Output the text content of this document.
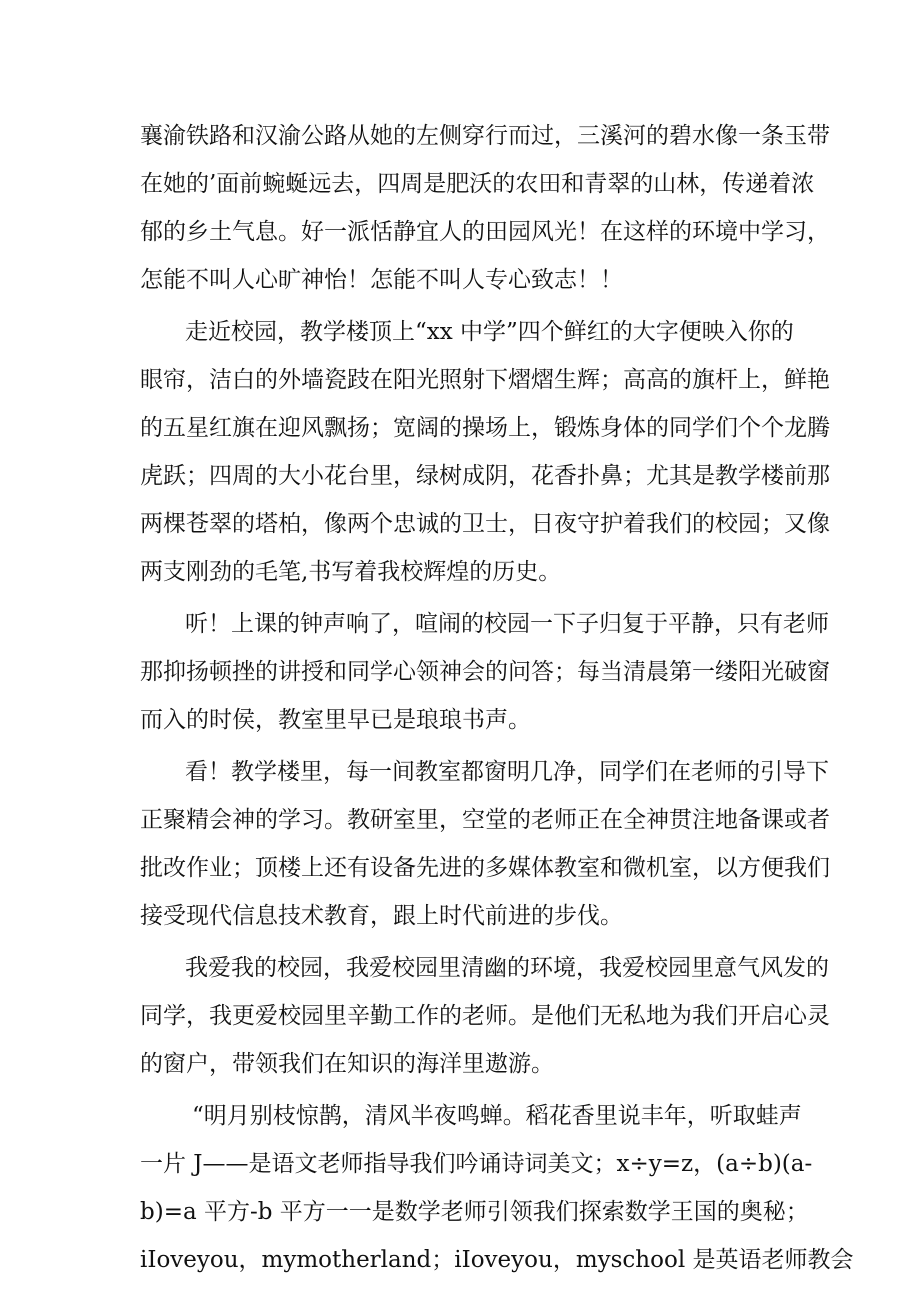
襄渝铁路和汉渝公路从她的左侧穿行而过，三溪河的碧水像一条玉带
在她的’面前蜿蜒远去，四周是肥沃的农田和青翠的山林，传递着浓
郁的乡土气息。好一派恬静宜人的田园风光！在这样的环境中学习，
怎能不叫人心旷神怡！怎能不叫人专心致志！！
走近校园，教学楼顶上“xx 中学”四个鲜红的大字便映入你的
眼帘，洁白的外墙瓷跂在阳光照射下熠熠生辉；高高的旗杆上，鲜艳
的五星红旗在迎风飘扬；宽阔的操场上，锻炼身体的同学们个个龙腾
虎跃；四周的大小花台里，绿树成阴，花香扑鼻；尤其是教学楼前那
两棵苍翠的塔柏，像两个忠诚的卫士，日夜守护着我们的校园；又像
两支刚劲的毛笔,书写着我校辉煌的历史。
听！上课的钟声响了，喧闹的校园一下子归复于平静，只有老师
那抑扬顿挫的讲授和同学心领神会的问答；每当清晨第一缕阳光破窗
而入的时侯，教室里早已是琅琅书声。
看！教学楼里，每一间教室都窗明几净，同学们在老师的引导下
正聚精会神的学习。教研室里，空堂的老师正在全神贯注地备课或者
批改作业；顶楼上还有设备先进的多媒体教室和微机室，以方便我们
接受现代信息技术教育，跟上时代前进的步伐。
我爱我的校园，我爱校园里清幽的环境，我爱校园里意气风发的
同学，我更爱校园里辛勤工作的老师。是他们无私地为我们开启心灵
的窗户，带领我们在知识的海洋里遨游。
“明月别枝惊鹊，清风半夜鸣蝉。稻花香里说丰年，听取蛙声
一片 J——是语文老师指导我们吟诵诗词美文；x÷y=z，(a÷b)(a-
b)=a 平方-b 平方一一是数学老师引领我们探索数学王国的奥秘；
iIoveyou，mymotherland；iIoveyou，myschool 是英语老师教会
